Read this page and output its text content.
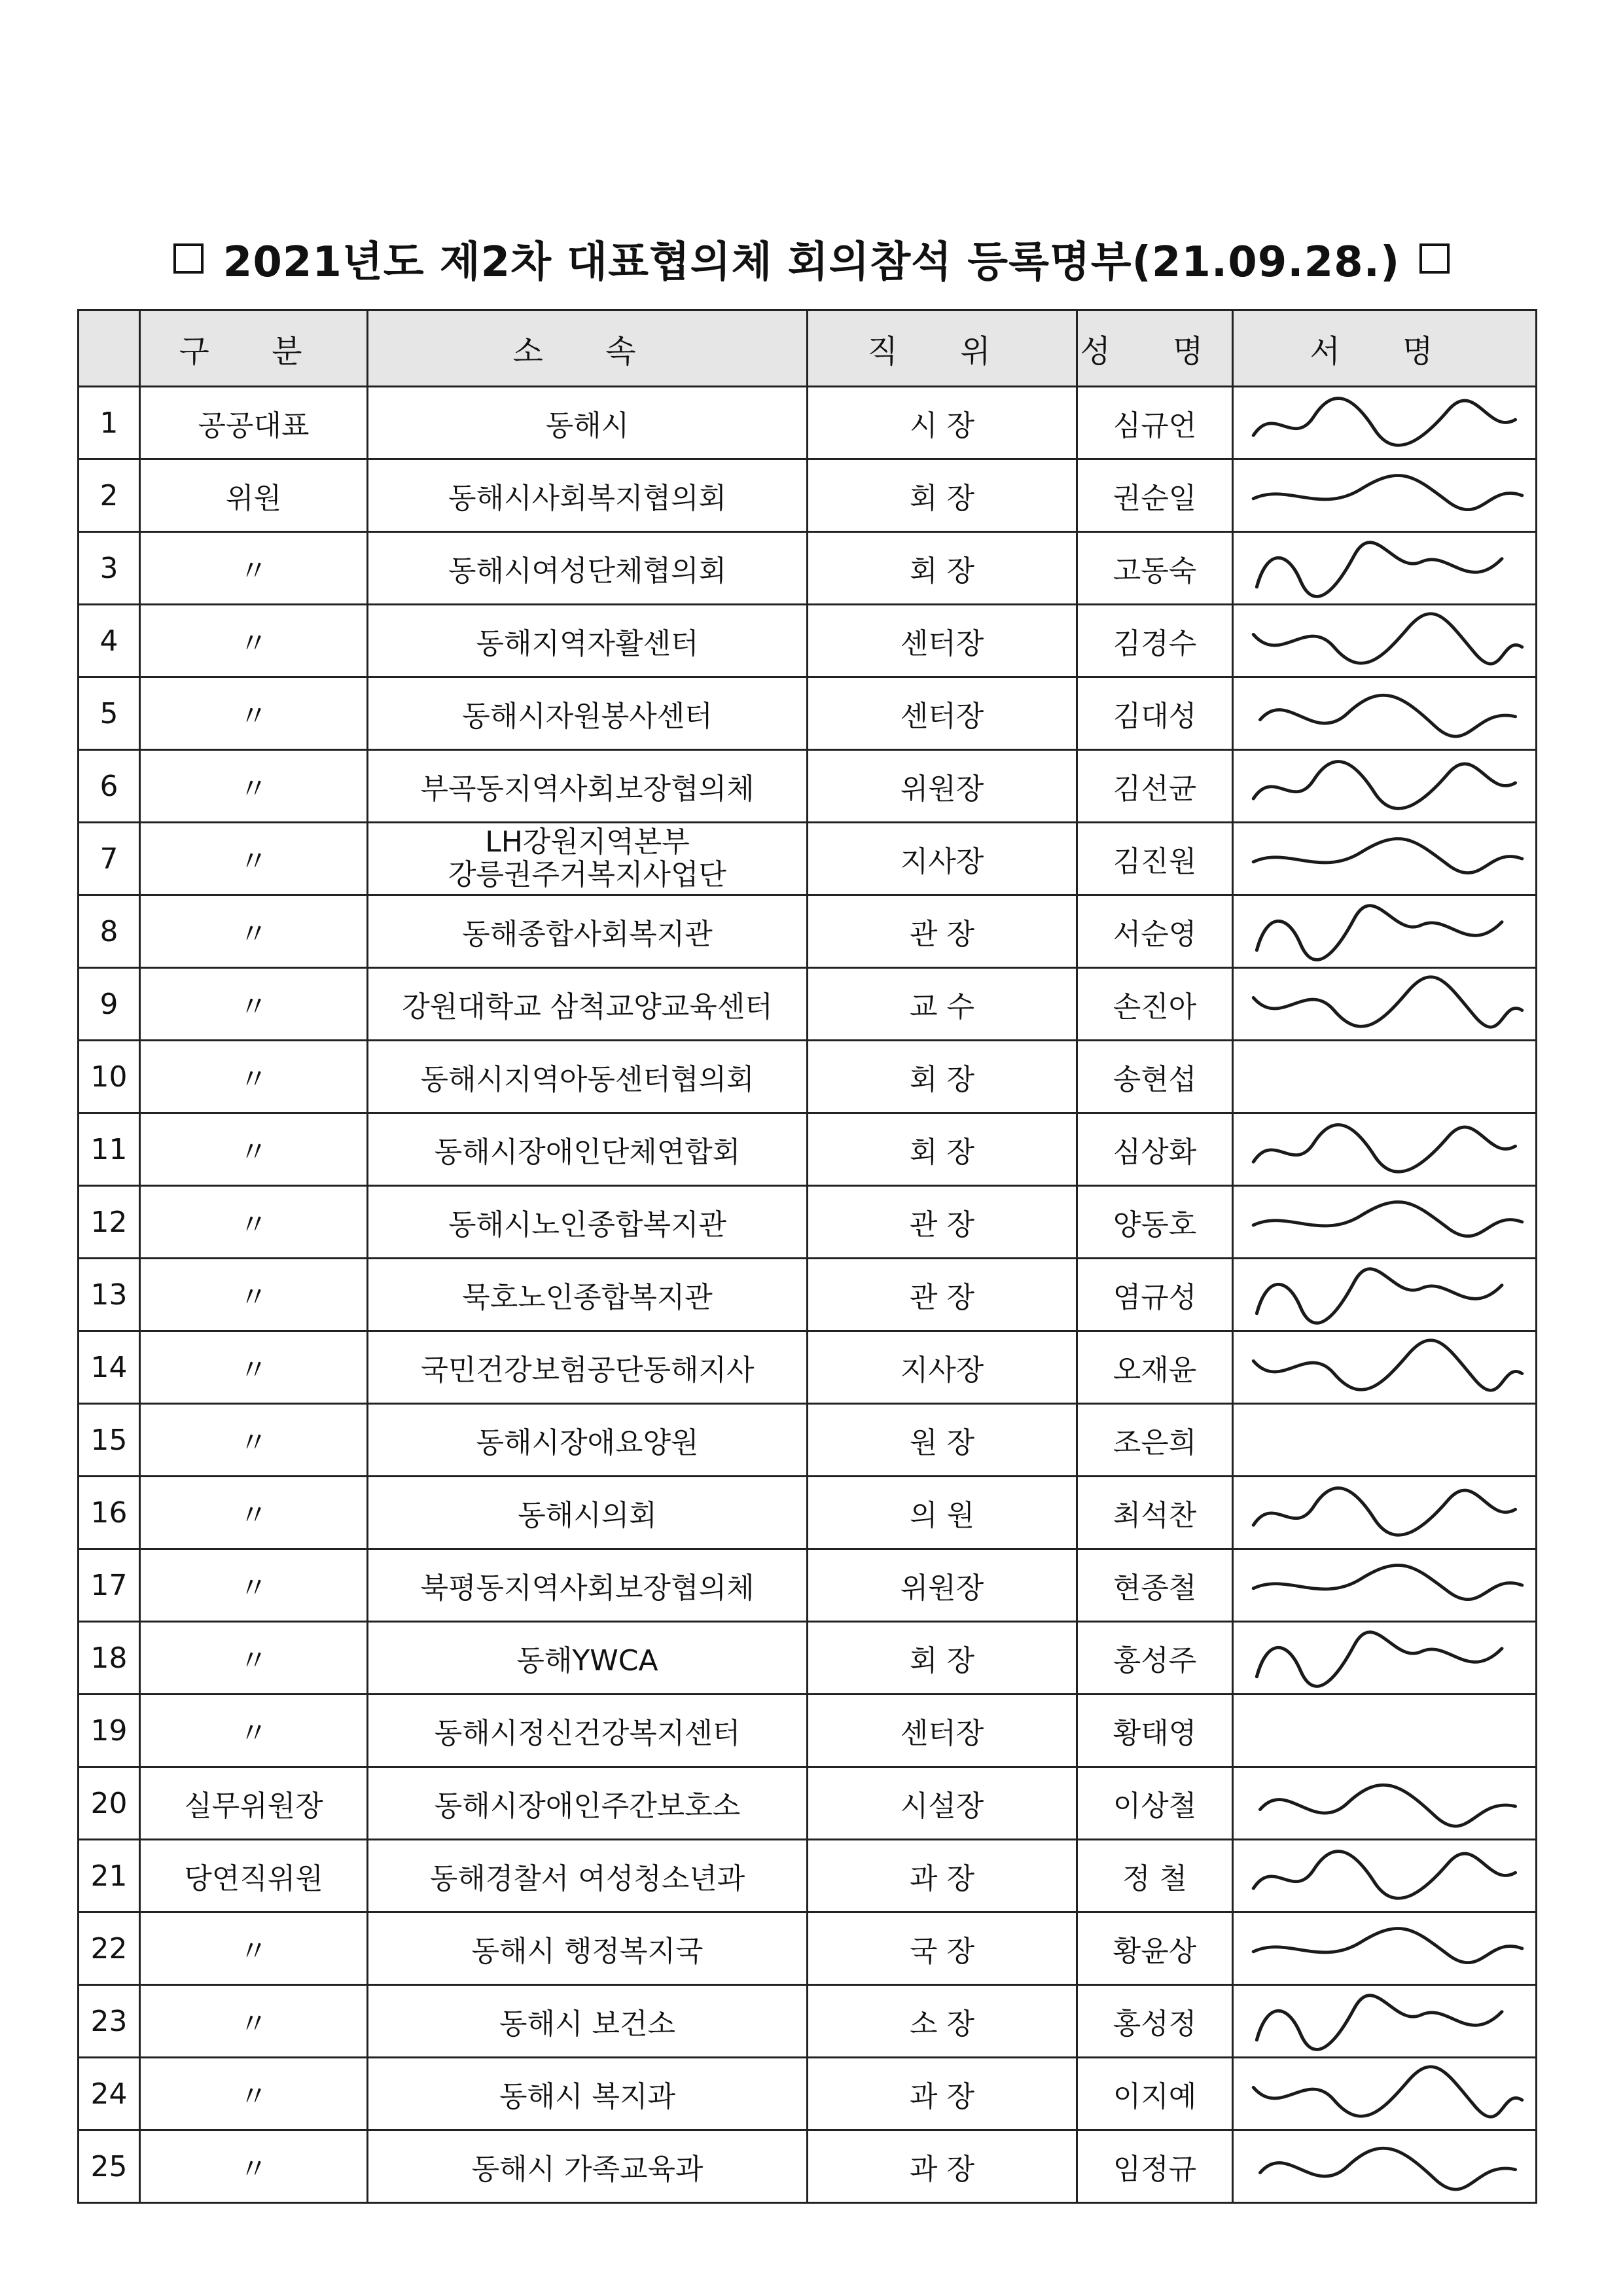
2021년도 제2차 대표협의체 회의참석 등록명부(21.09.28.)
	구 분	소 속	직 위	성 명	서 명
1	공공대표	동해시	시 장	심규언	

2	위원	동해시사회복지협의회	회 장	권순일	

3	〃	동해시여성단체협의회	회 장	고동숙	

4	〃	동해지역자활센터	센터장	김경수	

5	〃	동해시자원봉사센터	센터장	김대성	

6	〃	부곡동지역사회보장협의체	위원장	김선균	

7	〃	LH강원지역본부
강릉권주거복지사업단	지사장	김진원	

8	〃	동해종합사회복지관	관 장	서순영	

9	〃	강원대학교 삼척교양교육센터	교 수	손진아	

10	〃	동해시지역아동센터협의회	회 장	송현섭	
11	〃	동해시장애인단체연합회	회 장	심상화	

12	〃	동해시노인종합복지관	관 장	양동호	

13	〃	묵호노인종합복지관	관 장	염규성	

14	〃	국민건강보험공단동해지사	지사장	오재윤	

15	〃	동해시장애요양원	원 장	조은희	
16	〃	동해시의회	의 원	최석찬	

17	〃	북평동지역사회보장협의체	위원장	현종철	

18	〃	동해YWCA	회 장	홍성주	

19	〃	동해시정신건강복지센터	센터장	황태영	
20	실무위원장	동해시장애인주간보호소	시설장	이상철	

21	당연직위원	동해경찰서 여성청소년과	과 장	정 철	

22	〃	동해시 행정복지국	국 장	황윤상	

23	〃	동해시 보건소	소 장	홍성정	

24	〃	동해시 복지과	과 장	이지예	

25	〃	동해시 가족교육과	과 장	임정규	
